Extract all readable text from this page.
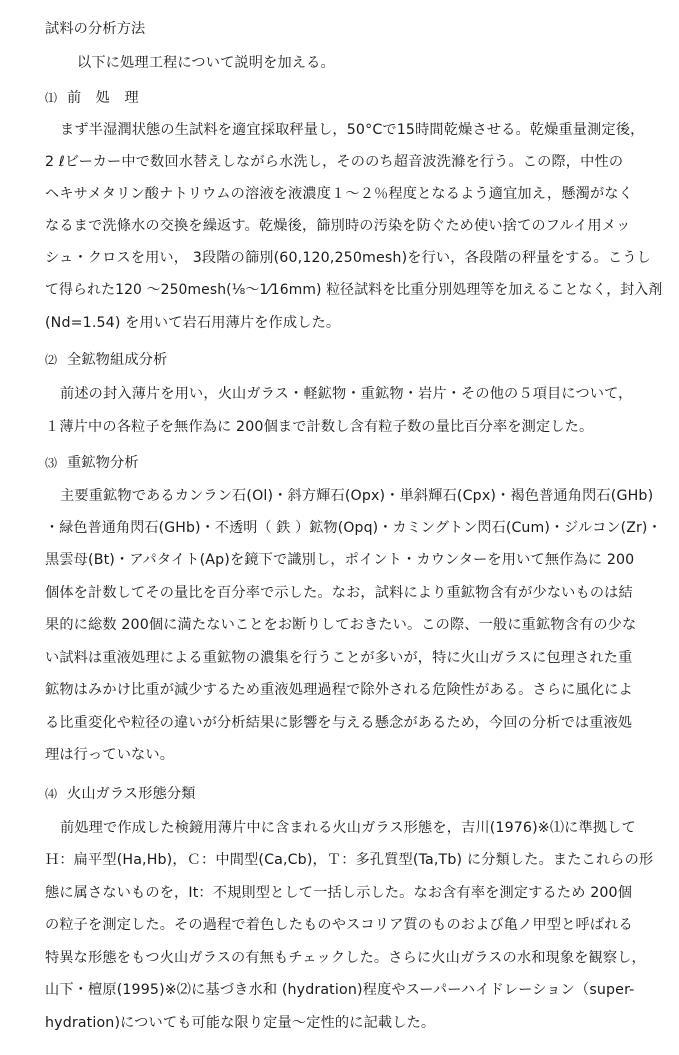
試料の分析方法
以下に処理工程について説明を加える。
⑴ 前　処　理
まず半湿潤状態の生試料を適宜採取秤量し，50°Cで15時間乾燥させる。乾燥重量測定後，
2 ℓビーカー中で数回水替えしながら水洗し，そののち超音波洗滌を行う。この際，中性の
ヘキサメタリン酸ナトリウムの溶液を液濃度１～２％程度となるよう適宜加え，懸濁がなく
なるまで洗條水の交換を繰返す。乾燥後，篩別時の汚染を防ぐため使い捨てのフルイ用メッ
シュ・クロスを用い， 3段階の篩別(60,120,250mesh)を行い，各段階の秤量をする。こうし
て得られた120 ～250mesh(⅛～1⁄16mm) 粒径試料を比重分別処理等を加えることなく，封入剤
(Nd=1.54) を用いて岩石用薄片を作成した。
⑵ 全鉱物組成分析
前述の封入薄片を用い，火山ガラス・軽鉱物・重鉱物・岩片・その他の５項目について，
１薄片中の各粒子を無作為に 200個まで計数し含有粒子数の量比百分率を測定した。
⑶ 重鉱物分析
主要重鉱物であるカンラン石(Ol)・斜方輝石(Opx)・単斜輝石(Cpx)・褐色普通角閃石(GHb)
・緑色普通角閃石(GHb)・不透明（ 鉄 ）鉱物(Opq)・カミングトン閃石(Cum)・ジルコン(Zr)・
黒雲母(Bt)・アパタイト(Ap)を鏡下で識別し，ポイント・カウンターを用いて無作為に 200
個体を計数してその量比を百分率で示した。なお，試料により重鉱物含有が少ないものは結
果的に総数 200個に満たないことをお断りしておきたい。この際、一般に重鉱物含有の少な
い試料は重液処理による重鉱物の濃集を行うことが多いが，特に火山ガラスに包理された重
鉱物はみかけ比重が減少するため重液処理過程で除外される危険性がある。さらに風化によ
る比重変化や粒径の違いが分析結果に影響を与える懸念があるため，今回の分析では重液処
理は行っていない。
⑷ 火山ガラス形態分類
前処理で作成した検鏡用薄片中に含まれる火山ガラス形態を，吉川(1976)※⑴に準拠して
Ｈ：扁平型(Ha,Hb)，Ｃ：中間型(Ca,Cb)，Ｔ：多孔質型(Ta,Tb) に分類した。またこれらの形
態に属さないものを，It：不規則型として一括し示した。なお含有率を測定するため 200個
の粒子を測定した。その過程で着色したものやスコリア質のものおよび亀ノ甲型と呼ばれる
特異な形態をもつ火山ガラスの有無もチェックした。さらに火山ガラスの水和現象を観察し，
山下・檀原(1995)※⑵に基づき水和 (hydration)程度やスーパーハイドレーション（super-
hydration)についても可能な限り定量～定性的に記載した。
